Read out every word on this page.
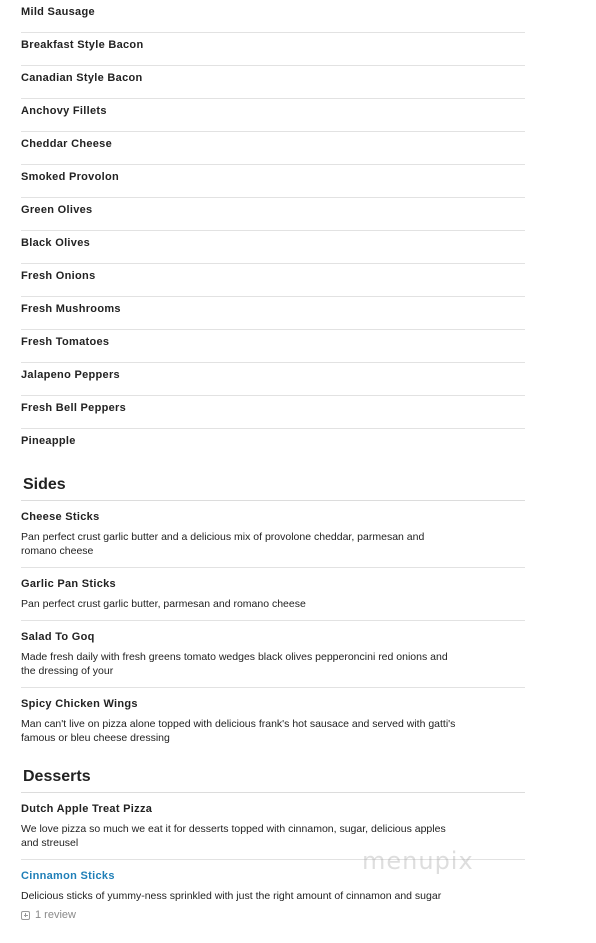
Mild Sausage
Breakfast Style Bacon
Canadian Style Bacon
Anchovy Fillets
Cheddar Cheese
Smoked Provolon
Green Olives
Black Olives
Fresh Onions
Fresh Mushrooms
Fresh Tomatoes
Jalapeno Peppers
Fresh Bell Peppers
Pineapple
Sides
Cheese Sticks
Pan perfect crust garlic butter and a delicious mix of provolone cheddar, parmesan and romano cheese
Garlic Pan Sticks
Pan perfect crust garlic butter, parmesan and romano cheese
Salad To Goq
Made fresh daily with fresh greens tomato wedges black olives pepperoncini red onions and the dressing of your
Spicy Chicken Wings
Man can't live on pizza alone topped with delicious frank's hot sausace and served with gatti's famous or bleu cheese dressing
Desserts
Dutch Apple Treat Pizza
We love pizza so much we eat it for desserts topped with cinnamon, sugar, delicious apples and streusel
Cinnamon Sticks
Delicious sticks of yummy-ness sprinkled with just the right amount of cinnamon and sugar
1 review
menupix
